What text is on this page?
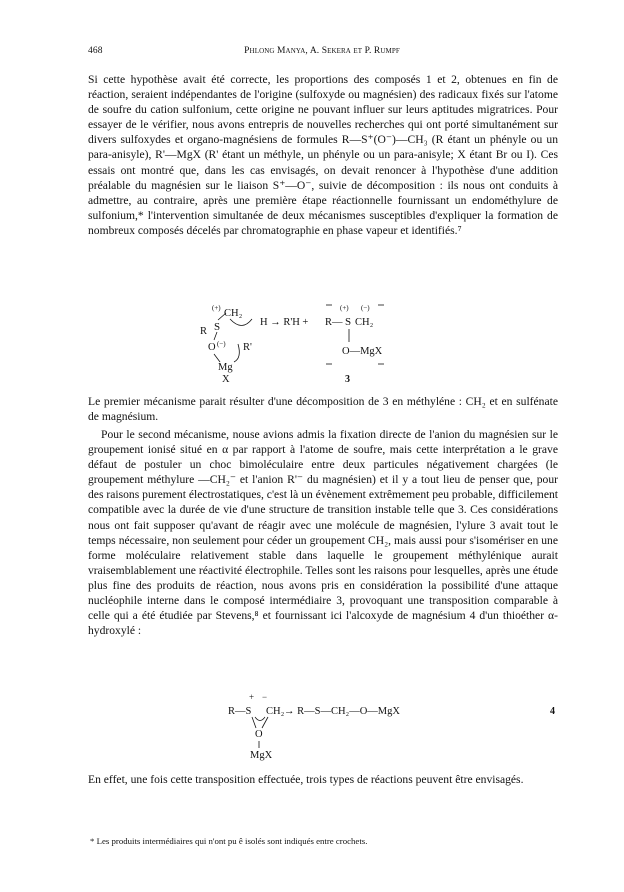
468	Phlong Manya, A. Sekera et P. Rumpf

Si cette hypothèse avait été correcte, les proportions des composés 1 et 2, obtenues en fin de réaction, seraient indépendantes de l'origine (sulfoxyde ou magnésien) des radicaux fixés sur l'atome de soufre du cation sulfonium, cette origine ne pouvant influer sur leurs aptitudes migratrices. Pour essayer de le vérifier, nous avons entrepris de nouvelles recherches qui ont porté simultanément sur divers sulfoxydes et organo-magnésiens de formules R—S⁺(O⁻)—CH₃ (R étant un phényle ou un para-anisyle), R'—MgX (R' étant un méthyle, un phényle ou un para-anisyle; X étant Br ou I). Ces essais ont montré que, dans les cas envisagés, on devait renoncer à l'hypothèse d'une addition préalable du magnésien sur le liaison S⁺—O⁻, suivie de décomposition : ils nous ont conduits à admettre, au contraire, après une première étape réactionnelle fournissant un endométhylure de sulfonium,* l'intervention simultanée de deux mécanismes susceptibles d'expliquer la formation de nombreux composés décelés par chromatographie en phase vapeur et identifiés.⁷

(+) CH₂
S
R
H → R'H +
O (−) R'
Mg
X
(+) (−)
R— S CH₂
O—MgX
3

Le premier mécanisme parait résulter d'une décomposition de 3 en méthyléne : CH₂ et en sulfénate de magnésium.

Pour le second mécanisme, nouse avions admis la fixation directe de l'anion du magnésien sur le groupement ionisé situé en α par rapport à l'atome de soufre, mais cette interprétation a le grave défaut de postuler un choc bimoléculaire entre deux particules négativement chargées (le groupement méthylure —CH₂⁻ et l'anion R'⁻ du magnésien) et il y a tout lieu de penser que, pour des raisons purement électrostatiques, c'est là un évènement extrêmement peu probable, difficilement compatible avec la durée de vie d'une structure de transition instable telle que 3. Ces considérations nous ont fait supposer qu'avant de réagir avec une molécule de magnésien, l'ylure 3 avait tout le temps nécessaire, non seulement pour céder un groupement CH₂, mais aussi pour s'isomériser en une forme moléculaire relativement stable dans laquelle le groupement méthylénique aurait vraisemblablement une réactivité électrophile. Telles sont les raisons pour lesquelles, après une étude plus fine des produits de réaction, nous avons pris en considération la possibilité d'une attaque nucléophile interne dans le composé intermédiaire 3, provoquant une transposition comparable à celle qui a été étudiée par Stevens,⁸ et fournissant ici l'alcoxyde de magnésium 4 d'un thioéther α-hydroxylé :

+ −
R—S CH₂
O
MgX
→ R—S—CH₂—O—MgX	4

En effet, une fois cette transposition effectuée, trois types de réactions peuvent être envisagés.

* Les produits intermédiaires qui n'ont pu ê isolés sont indiqués entre crochets.
